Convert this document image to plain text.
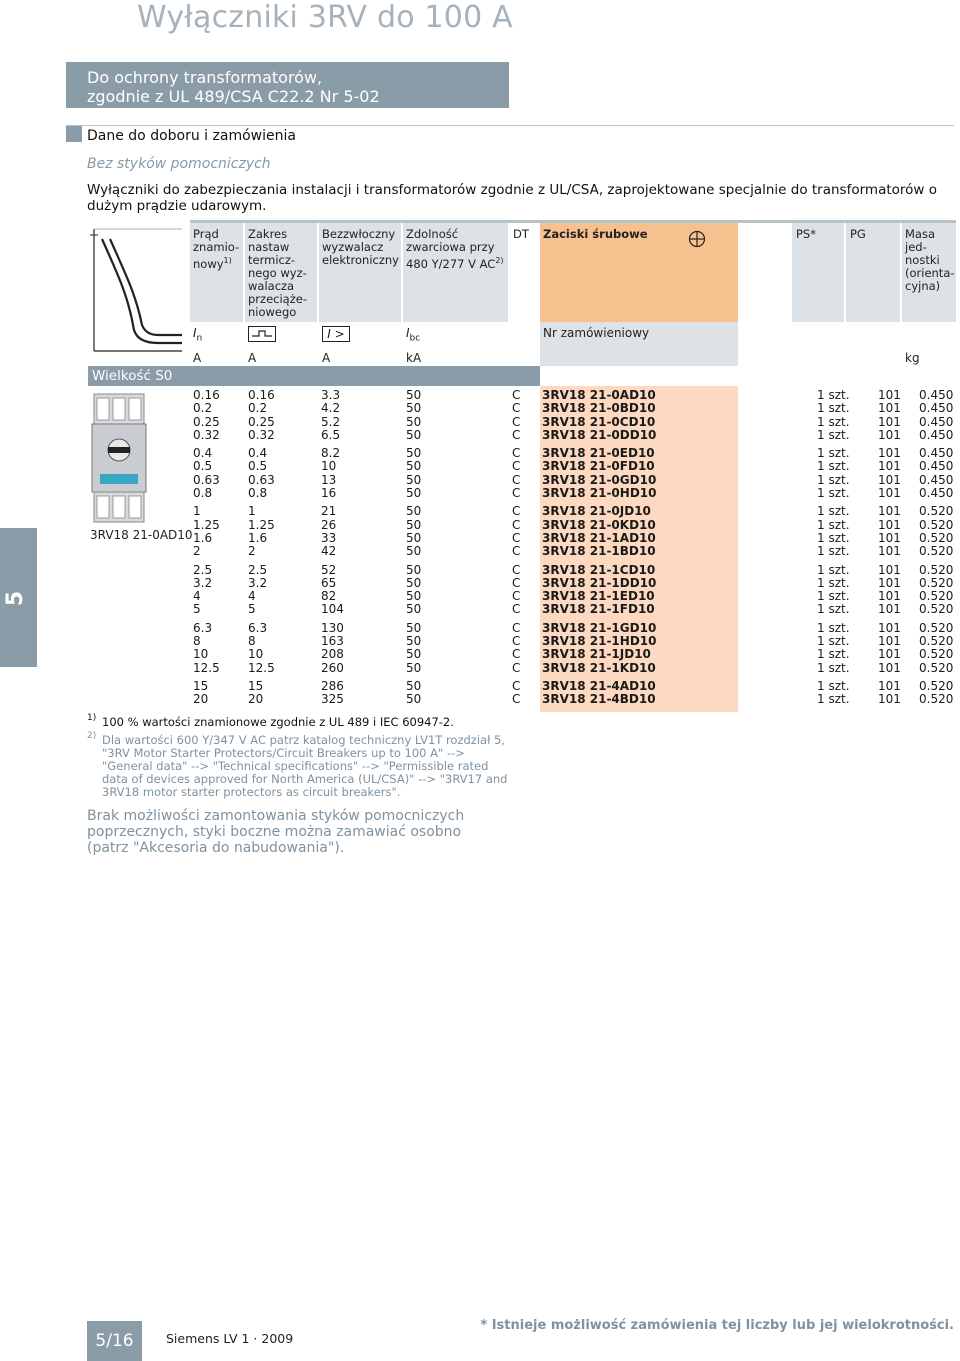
Wyłączniki 3RV do 100 A
Do ochrony transformatorów,
zgodnie z UL 489/CSA C22.2 Nr 5-02
Dane do doboru i zamówienia
Bez styków pomocniczych
Wyłączniki do zabezpieczania instalacji i transformatorów zgodnie z UL/CSA, zaprojektowane specjalnie do transformatorów o dużym prądzie udarowym.
5
Prąd znamio-nowy$^{1)}$
Zakres nastaw termicz-nego wyz-walacza przeciąże-niowego
Bezzwłoczny wyzwalacz elektroniczny
Zdolność zwarciowa przy 480 Y/277 V AC$^{2)}$
DT Zaciski śrubowe	PS*	PG	Masa jed-nostki (orienta-cyjna)
$I_n$	I >	$I_{bc}$	Nr zamówieniowy
A	A	A	kA	kg
Wielkość S0
3RV18 21-0AD10
0.16 0.16	3.3	50	C 3RV18 21-0AD10	1 szt. 101 0.450
0.2	0.2	4.2	50	C 3RV18 21-0BD10	1 szt. 101 0.450
0.25 0.25	5.2	50	C 3RV18 21-0CD10	1 szt. 101 0.450
0.32 0.32	6.5	50	C 3RV18 21-0DD10	1 szt. 101 0.450
0.4	0.4	8.2	50	C 3RV18 21-0ED10	1 szt. 101 0.450
0.5	0.5	10	50	C 3RV18 21-0FD10	1 szt. 101 0.450
0.63 0.63	13	50	C 3RV18 21-0GD10	1 szt. 101 0.450
0.8	0.8	16	50	C 3RV18 21-0HD10	1 szt. 101 0.450
1	1	21	50	C 3RV18 21-0JD10	1 szt. 101 0.520
1.25 1.25	26	50	C 3RV18 21-0KD10	1 szt. 101 0.520
1.6	1.6	33	50	C 3RV18 21-1AD10	1 szt. 101 0.520
2	2	42	50	C 3RV18 21-1BD10	1 szt. 101 0.520
2.5	2.5	52	50	C 3RV18 21-1CD10	1 szt. 101 0.520
3.2	3.2	65	50	C 3RV18 21-1DD10	1 szt. 101 0.520
4	4	82	50	C 3RV18 21-1ED10	1 szt. 101 0.520
5	5	104	50	C 3RV18 21-1FD10	1 szt. 101 0.520
6.3	6.3	130	50	C 3RV18 21-1GD10	1 szt. 101 0.520
8	8	163	50	C 3RV18 21-1HD10	1 szt. 101 0.520
10	10	208	50	C 3RV18 21-1JD10	1 szt. 101 0.520
12.5 12.5	260	50	C 3RV18 21-1KD10	1 szt. 101 0.520
15	15	286	50	C 3RV18 21-4AD10	1 szt. 101 0.520
20	20	325	50	C 3RV18 21-4BD10	1 szt. 101 0.520
1) 100 % wartości znamionowe zgodnie z UL 489 i IEC 60947-2.
2) Dla wartości 600 Y/347 V AC patrz katalog techniczny LV1T rozdział 5, "3RV Motor Starter Protectors/Circuit Breakers up to 100 A" --> "General data" --> "Technical specifications" --> "Permissible rated data of devices approved for North America (UL/CSA)" --> "3RV17 and 3RV18 motor starter protectors as circuit breakers".
Brak możliwości zamontowania styków pomocniczych poprzecznych, styki boczne można zamawiać osobno (patrz "Akcesoria do nabudowania").
5/16	Siemens LV 1 · 2009
* Istnieje możliwość zamówienia tej liczby lub jej wielokrotności.
